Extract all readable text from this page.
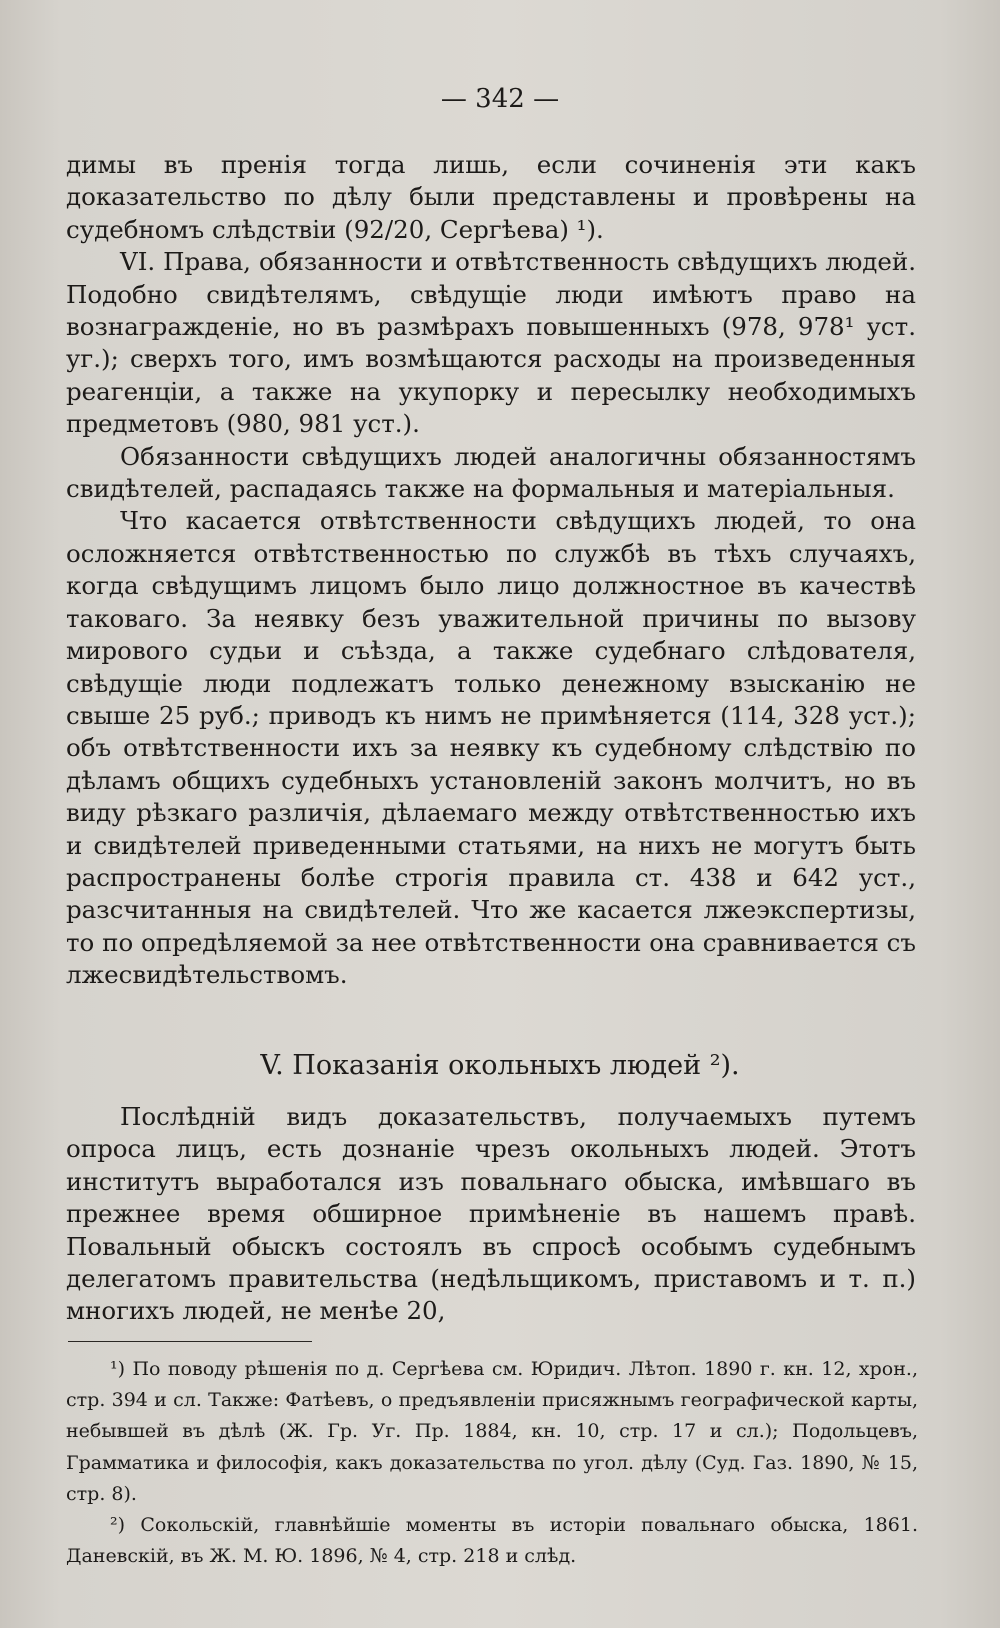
— 342 —

димы въ пренія тогда лишь, если сочиненія эти какъ доказательство по дѣлу были представлены и провѣрены на судебномъ слѣдствіи (92/20, Сергѣева) ¹).

VI. Права, обязанности и отвѣтственность свѣдущихъ людей. Подобно свидѣтелямъ, свѣдущіе люди имѣютъ право на вознагражденіе, но въ размѣрахъ повышенныхъ (978, 978¹ уст. уг.); сверхъ того, имъ возмѣщаются расходы на произведенныя реагенціи, а также на укупорку и пересылку необходимыхъ предметовъ (980, 981 уст.).

Обязанности свѣдущихъ людей аналогичны обязанностямъ свидѣтелей, распадаясь также на формальныя и матеріальныя.

Что касается отвѣтственности свѣдущихъ людей, то она осложняется отвѣтственностью по службѣ въ тѣхъ случаяхъ, когда свѣдущимъ лицомъ было лицо должностное въ качествѣ таковаго. За неявку безъ уважительной причины по вызову мирового судьи и съѣзда, а также судебнаго слѣдователя, свѣдущіе люди подлежатъ только денежному взысканію не свыше 25 руб.; приводъ къ нимъ не примѣняется (114, 328 уст.); объ отвѣтственности ихъ за неявку къ судебному слѣдствію по дѣламъ общихъ судебныхъ установленій законъ молчитъ, но въ виду рѣзкаго различія, дѣлаемаго между отвѣтственностью ихъ и свидѣтелей приведенными статьями, на нихъ не могутъ быть распространены болѣе строгія правила ст. 438 и 642 уст., разсчитанныя на свидѣтелей. Что же касается лжеэкспертизы, то по опредѣляемой за нее отвѣтственности она сравнивается съ лжесвидѣтельствомъ.

V. Показанія окольныхъ людей ²).

Послѣдній видъ доказательствъ, получаемыхъ путемъ опроса лицъ, есть дознаніе чрезъ окольныхъ людей. Этотъ институтъ выработался изъ повальнаго обыска, имѣвшаго въ прежнее время обширное примѣненіе въ нашемъ правѣ. Повальный обыскъ состоялъ въ спросѣ особымъ судебнымъ делегатомъ правительства (недѣльщикомъ, приставомъ и т. п.) многихъ людей, не менѣе 20,

¹) По поводу рѣшенія по д. Сергѣева см. Юридич. Лѣтоп. 1890 г. кн. 12, хрон., стр. 394 и сл. Также: Фатѣевъ, о предъявленіи присяжнымъ географической карты, небывшей въ дѣлѣ (Ж. Гр. Уг. Пр. 1884, кн. 10, стр. 17 и сл.); Подольцевъ, Грамматика и философія, какъ доказательства по угол. дѣлу (Суд. Газ. 1890, № 15, стр. 8).

²) Сокольскій, главнѣйшіе моменты въ исторіи повальнаго обыска, 1861. Даневскій, въ Ж. М. Ю. 1896, № 4, стр. 218 и слѣд.
